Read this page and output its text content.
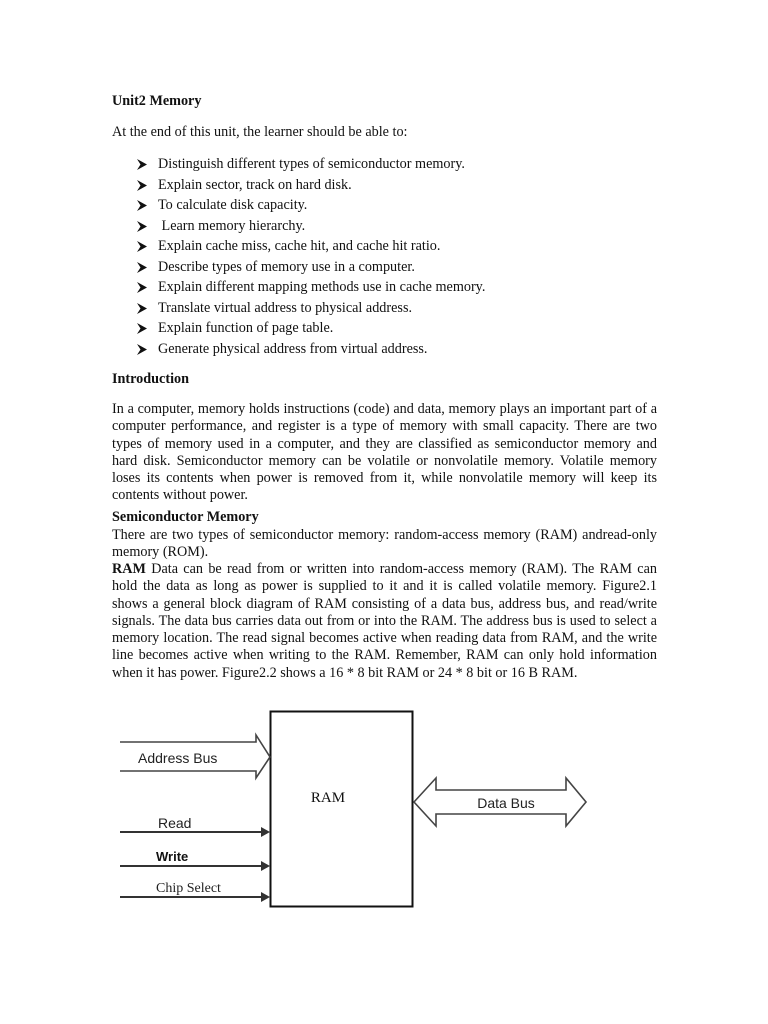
Unit2 Memory
At the end of this unit, the learner should be able to:
Distinguish different types of semiconductor memory.
Explain sector, track on hard disk.
To calculate disk capacity.
Learn memory hierarchy.
Explain cache miss, cache hit, and cache hit ratio.
Describe types of memory use in a computer.
Explain different mapping methods use in cache memory.
Translate virtual address to physical address.
Explain function of page table.
Generate physical address from virtual address.
Introduction

In a computer, memory holds instructions (code) and data, memory plays an important part of a computer performance, and register is a type of memory with small capacity. There are two types of memory used in a computer, and they are classified as semiconductor memory and hard disk. Semiconductor memory can be volatile or nonvolatile memory. Volatile memory loses its contents when power is removed from it, while nonvolatile memory will keep its contents without power.

Semiconductor Memory

There are two types of semiconductor memory: random-access memory (RAM) andread-only memory (ROM).

RAM Data can be read from or written into random-access memory (RAM). The RAM can hold the data as long as power is supplied to it and it is called volatile memory. Figure2.1 shows a general block diagram of RAM consisting of a data bus, address bus, and read/write signals. The data bus carries data out from or into the RAM. The address bus is used to select a memory location. The read signal becomes active when reading data from RAM, and the write line becomes active when writing to the RAM. Remember, RAM can only hold information when it has power. Figure2.2 shows a 16 * 8 bit RAM or 24 * 8 bit or 16 B RAM.

RAM
Address Bus
Read
Write
Chip Select
Data Bus
